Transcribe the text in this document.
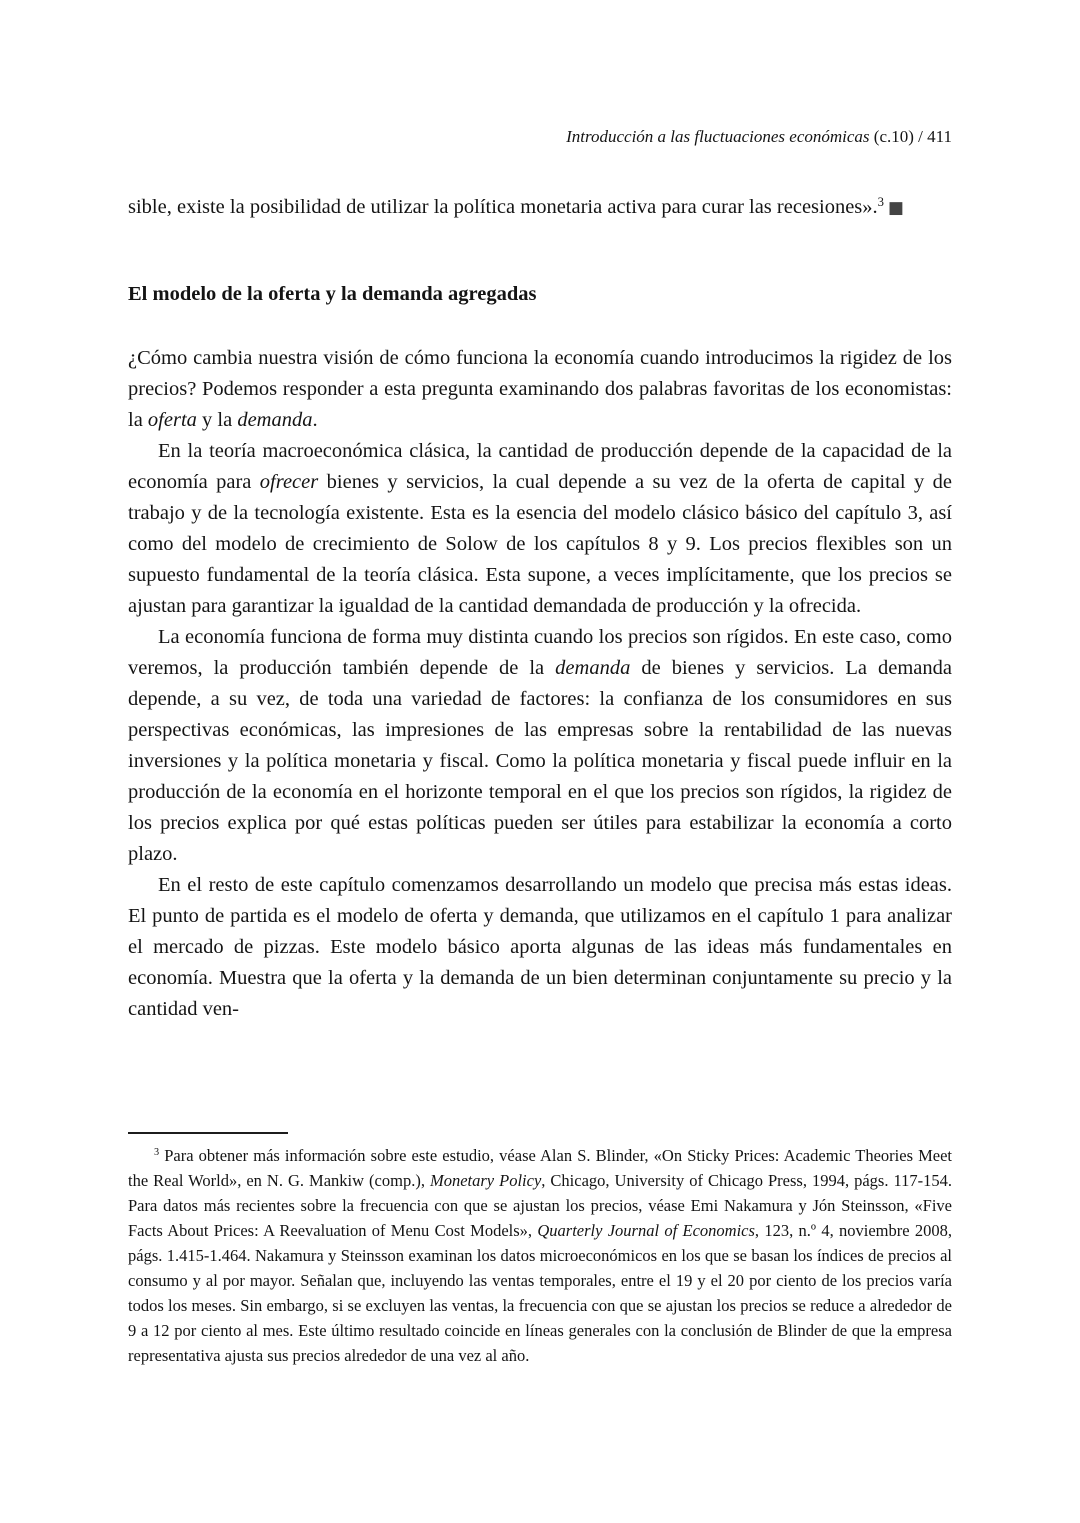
Introducción a las fluctuaciones económicas (c.10) / 411

sible, existe la posibilidad de utilizar la política monetaria activa para curar las recesiones».$^3$ ■

El modelo de la oferta y la demanda agregadas

¿Cómo cambia nuestra visión de cómo funciona la economía cuando introducimos la rigidez de los precios? Podemos responder a esta pregunta examinando dos palabras favoritas de los economistas: la oferta y la demanda.

En la teoría macroeconómica clásica, la cantidad de producción depende de la capacidad de la economía para ofrecer bienes y servicios, la cual depende a su vez de la oferta de capital y de trabajo y de la tecnología existente. Esta es la esencia del modelo clásico básico del capítulo 3, así como del modelo de crecimiento de Solow de los capítulos 8 y 9. Los precios flexibles son un supuesto fundamental de la teoría clásica. Esta supone, a veces implícitamente, que los precios se ajustan para garantizar la igualdad de la cantidad demandada de producción y la ofrecida.

La economía funciona de forma muy distinta cuando los precios son rígidos. En este caso, como veremos, la producción también depende de la demanda de bienes y servicios. La demanda depende, a su vez, de toda una variedad de factores: la confianza de los consumidores en sus perspectivas económicas, las impresiones de las empresas sobre la rentabilidad de las nuevas inversiones y la política monetaria y fiscal. Como la política monetaria y fiscal puede influir en la producción de la economía en el horizonte temporal en el que los precios son rígidos, la rigidez de los precios explica por qué estas políticas pueden ser útiles para estabilizar la economía a corto plazo.

En el resto de este capítulo comenzamos desarrollando un modelo que precisa más estas ideas. El punto de partida es el modelo de oferta y demanda, que utilizamos en el capítulo 1 para analizar el mercado de pizzas. Este modelo básico aporta algunas de las ideas más fundamentales en economía. Muestra que la oferta y la demanda de un bien determinan conjuntamente su precio y la cantidad ven-

$^3$ Para obtener más información sobre este estudio, véase Alan S. Blinder, «On Sticky Prices: Academic Theories Meet the Real World», en N. G. Mankiw (comp.), Monetary Policy, Chicago, University of Chicago Press, 1994, págs. 117-154. Para datos más recientes sobre la frecuencia con que se ajustan los precios, véase Emi Nakamura y Jón Steinsson, «Five Facts About Prices: A Reevaluation of Menu Cost Models», Quarterly Journal of Economics, 123, n.º 4, noviembre 2008, págs. 1.415-1.464. Nakamura y Steinsson examinan los datos microeconómicos en los que se basan los índices de precios al consumo y al por mayor. Señalan que, incluyendo las ventas temporales, entre el 19 y el 20 por ciento de los precios varía todos los meses. Sin embargo, si se excluyen las ventas, la frecuencia con que se ajustan los precios se reduce a alrededor de 9 a 12 por ciento al mes. Este último resultado coincide en líneas generales con la conclusión de Blinder de que la empresa representativa ajusta sus precios alrededor de una vez al año.
